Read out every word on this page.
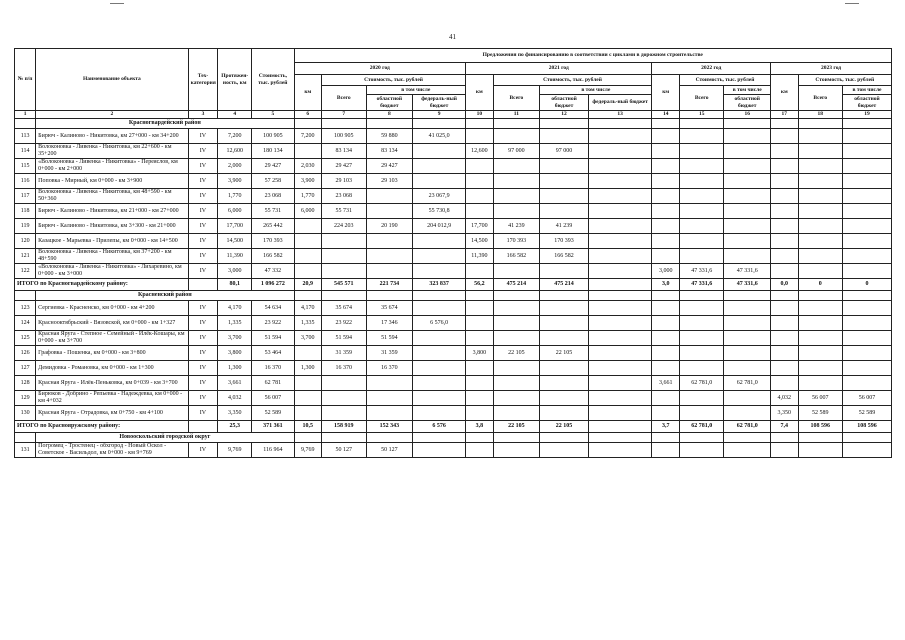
41
№ п/п	Наименование объекта	Тех-категория	Протяжен-ность, км	Стоимость, тыс. рублей	Предложения по финансированию в соответствии с циклами в дорожном строительстве													
					2020 год				2021 год				2022 год			2023 год		
					км	Стоимость, тыс. рублей			км	Стоимость, тыс. рублей			км	Стоимость, тыс. рублей		км	Стоимость, тыс. рублей	
						Всего	в том числе			Всего	в том числе			Всего	в том числе		Всего	в том числе
							областной бюджет	федераль-ный бюджет			областной бюджет	федераль-ный бюджет			областной бюджет			областной бюджет
1	2	3	4	5	6	7	8	9	10	11	12	13	14	15	16	17	18	19
	Красногвардейский район																	
113	Бирюч - Калиново - Никитовка, км 27+000 - км 34+200	IV	7,200	100 905	7,200	100 905	59 880	41 025,0										
114	Волоконовка - Ливенка - Никитовка, км 22+600 - км 35+200	IV	12,600	180 134		83 134	83 134		12,600	97 000	97 000							
115	«Волоконовка - Ливенка - Никитовка» - Переяслов, км 0+000 - км 2+000	IV	2,000	29 427	2,030	29 427	29 427											
116	Поповка - Мирный, км 0+000 - км 3+900	IV	3,900	57 258	3,900	29 103	29 103											
117	Волоконовка - Ливенка - Никитовка, км 48+590 - км 50+360	IV	1,770	23 068	1,770	23 068		23 067,9										
118	Бирюч - Калиново - Никитовка, км 21+000 - км 27+000	IV	6,000	55 731	6,000	55 731		55 730,8										
119	Бирюч - Калиново - Никитовка, км 3+300 - км 21+000	IV	17,700	265 442		224 203	20 190	204 012,9	17,700	41 239	41 239							
120	Казацкое - Марьевка - Прилепы, км 0+000 - км 14+500	IV	14,500	170 393					14,500	170 393	170 393							
121	Волоконовка - Ливенка - Никитовка, км 37+200 - км 48+590	IV	11,390	166 582					11,390	166 582	166 582							
122	«Волоконовка - Ливенка - Никитовка» - Лихаревино, км 0+000 - км 3+000	IV	3,000	47 332									3,000	47 331,6	47 331,6			
ИТОГО по Красногвардейскому району:			80,1	1 096 272	20,9	545 571	221 734	323 837	56,2	475 214	475 214		3,0	47 331,6	47 331,6	0,0	0	0
	Красненский район																	
123	Сергиевка - Красненско, км 0+000 - км 4+200	IV	4,170	54 634	4,170	35 674	35 674											
124	Краснооктябрьский - Вязовской, км 0+000 - км 1+327	IV	1,335	23 922	1,335	23 922	17 346	6 576,0										
125	Красная Яруга - Степное - Семейный - Илёк-Кошары, км 0+000 - км 3+700	IV	3,700	51 594	3,700	51 594	51 594											
126	Графовка - Пошенка, км 0+000 - км 3+800	IV	3,800	53 464		31 359	31 359		3,800	22 105	22 105							
127	Демидовка - Романовка, км 0+000 - км 1+300	IV	1,300	16 370	1,300	16 370	16 370											
128	Красная Яруга - Илёк-Пеньковка, км 0+039 - км 3+700	IV	3,661	62 781									3,661	62 781,0	62 781,0			
129	Бирюков - Добрино - Репьевка - Надеждевка, км 0+000 - км 4+032	IV	4,032	56 007												4,032	56 007	56 007
130	Красная Яруга - Отрадовка, км 0+750 - км 4+100	IV	3,350	52 589												3,350	52 589	52 589
ИТОГО по Краснояружскому району:			25,3	371 361	10,5	158 919	152 343	6 576	3,8	22 105	22 105		3,7	62 781,0	62 781,0	7,4	108 596	108 596
	Новооскольский городской округ																	
131	Погромец - Тростенец - обхгород - Новый Оскол - Советское - Васильдол, км 0+000 - км 9+769	IV	9,769	116 964	9,769	50 127	50 127											
